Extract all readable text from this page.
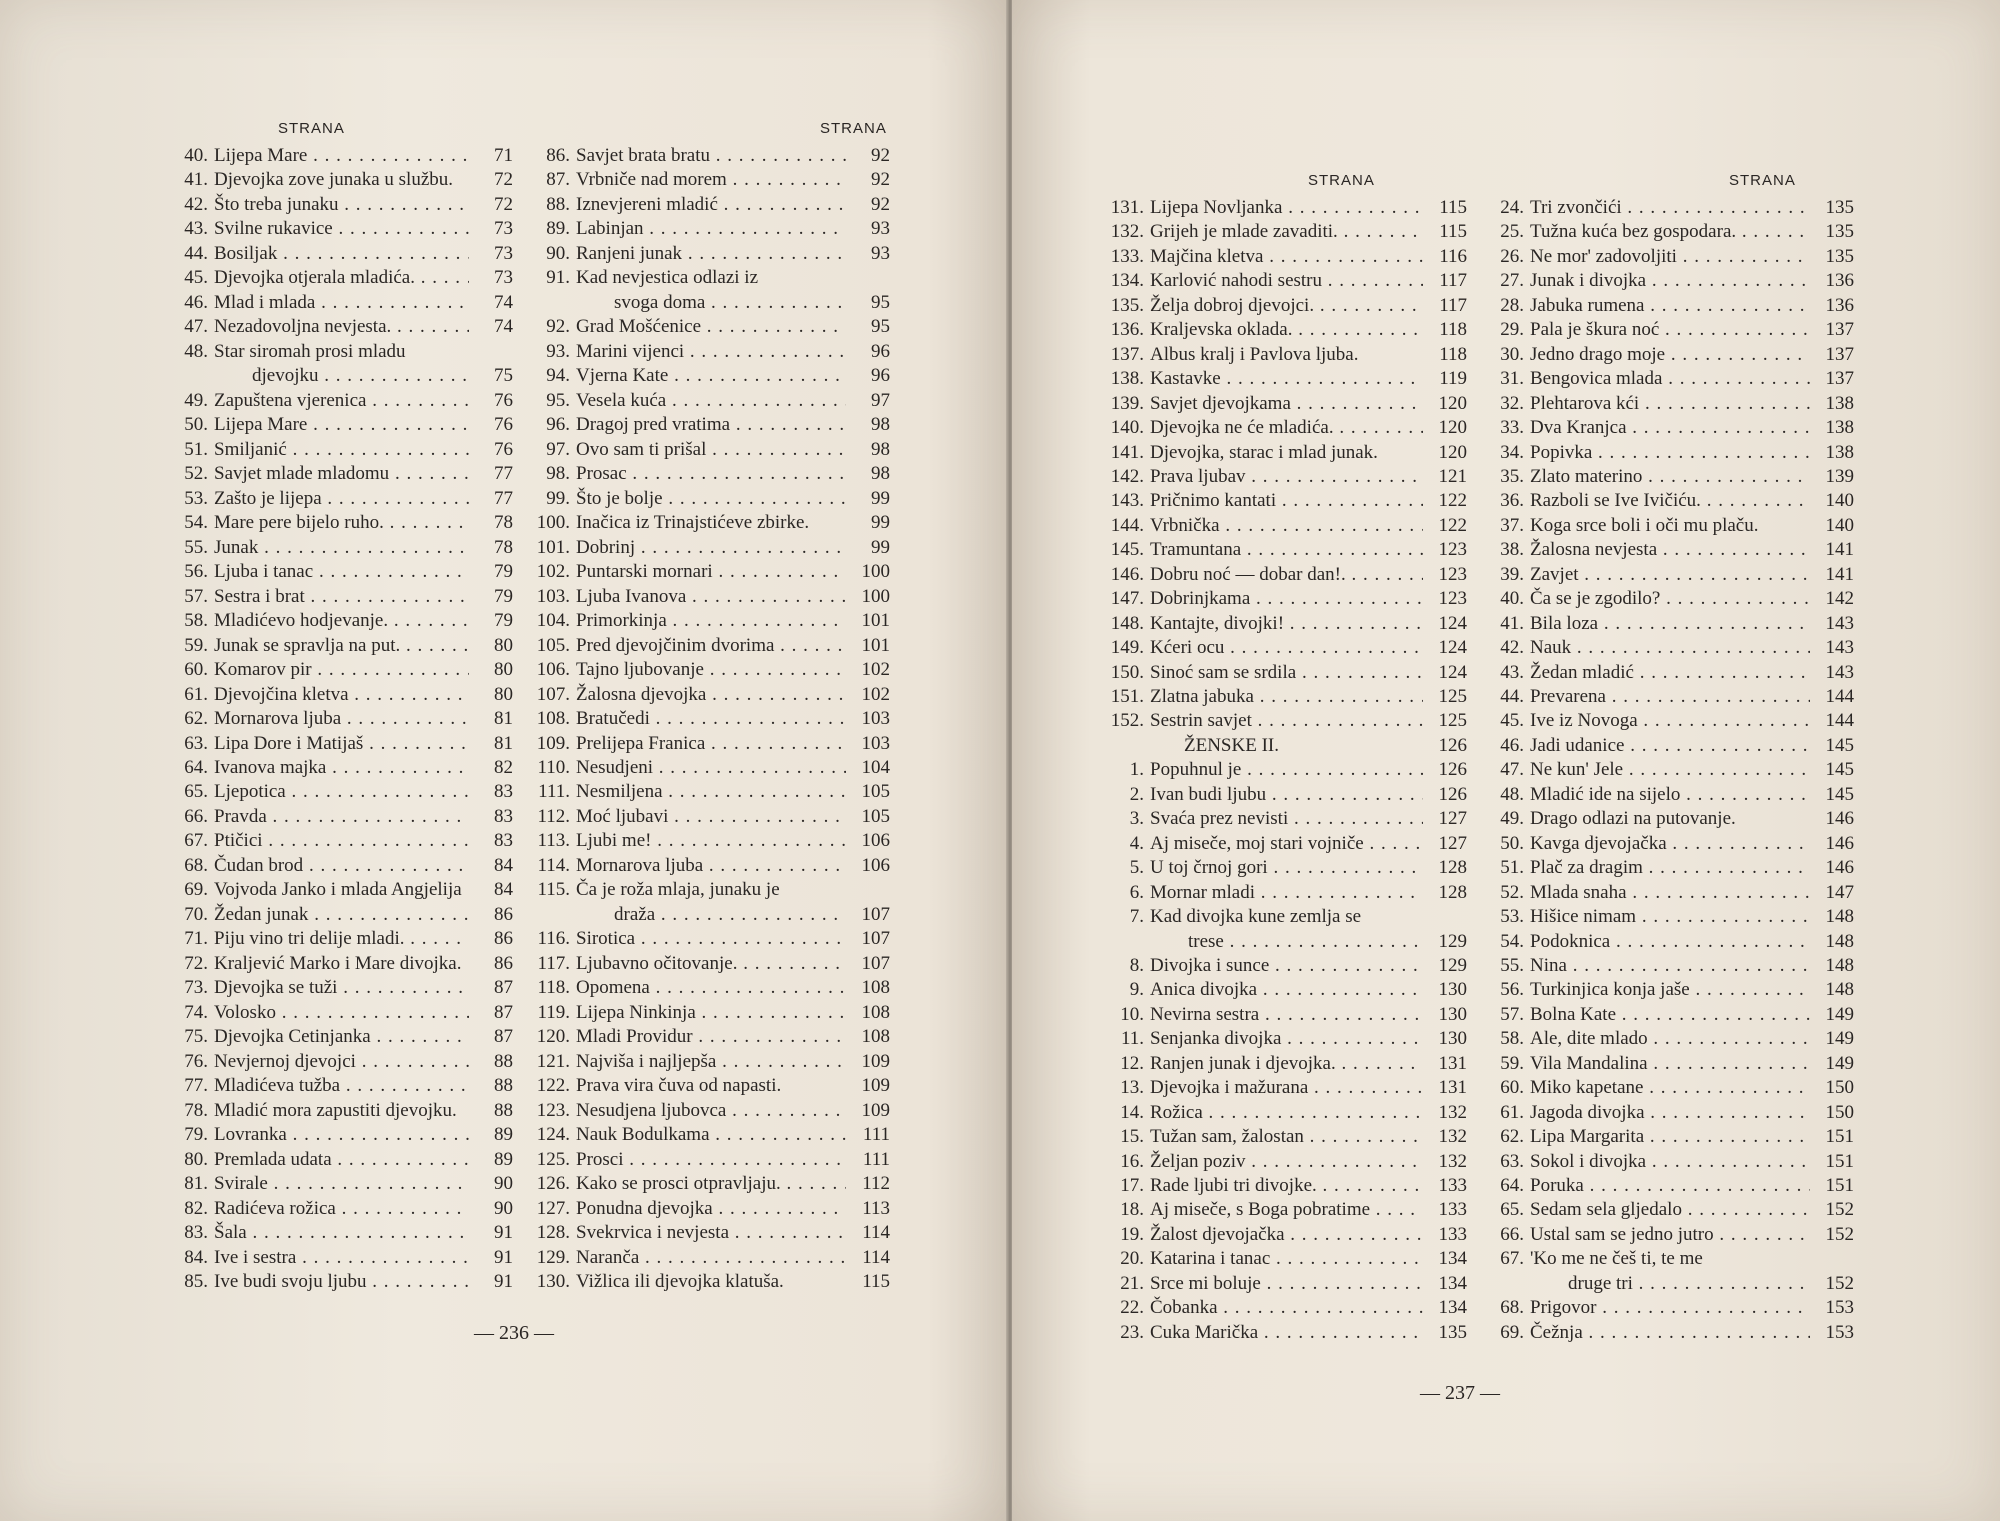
STRANA
40. Lijepa Mare . . .	71
41. Djevojka zove junaka u službu.	72
42. Što treba junaku . . .	72
43. Svilne rukavice . . .	73
44. Bosiljak . . .	73
45. Djevojka otjerala mladića. . . .	73
46. Mlad i mlada . . .	74
47. Nezadovoljna nevjesta. . . .	74
48. Star siromah prosi mladu
djevojku . . .	75
49. Zapuštena vjerenica . . .	76
50. Lijepa Mare . . .	76
51. Smiljanić . . .	76
52. Savjet mlade mladomu . . .	77
53. Zašto je lijepa . . .	77
54. Mare pere bijelo ruho. . . .	78
55. Junak . . .	78
56. Ljuba i tanac . . .	79
57. Sestra i brat . . .	79
58. Mladićevo hodjevanje. . . .	79
59. Junak se spravlja na put. . . .	80
60. Komarov pir . . .	80
61. Djevojčina kletva . . .	80
62. Mornarova ljuba . . .	81
63. Lipa Dore i Matijaš . . .	81
64. Ivanova majka . . .	82
65. Ljepotica . . .	83
66. Pravda . . .	83
67. Ptičici . . .	83
68. Čudan brod . . .	84
69. Vojvoda Janko i mlada Angjelija	84
70. Žedan junak . . .	86
71. Piju vino tri delije mladi. . . .	86
72. Kraljević Marko i Mare divojka.	86
73. Djevojka se tuži . . .	87
74. Volosko . . .	87
75. Djevojka Cetinjanka . . .	87
76. Nevjernoj djevojci . . .	88
77. Mladićeva tužba . . .	88
78. Mladić mora zapustiti djevojku.	88
79. Lovranka . . .	89
80. Premlada udata . . .	89
81. Svirale . . .	90
82. Radićeva rožica . . .	90
83. Šala . . .	91
84. Ive i sestra . . .	91
85. Ive budi svoju ljubu . . .	91
STRANA
86. Savjet brata bratu . . .	92
87. Vrbniče nad morem . . .	92
88. Iznevjereni mladić . . .	92
89. Labinjan . . .	93
90. Ranjeni junak . . .	93
91. Kad nevjestica odlazi iz
svoga doma . . .	95
92. Grad Mošćenice . . .	95
93. Marini vijenci . . .	96
94. Vjerna Kate . . .	96
95. Vesela kuća . . .	97
96. Dragoj pred vratima . . .	98
97. Ovo sam ti prišal . . .	98
98. Prosac . . .	98
99. Što je bolje . . .	99
100. Inačica iz Trinajstićeve zbirke.	99
101. Dobrinj . . .	99
102. Puntarski mornari . . .	100
103. Ljuba Ivanova . . .	100
104. Primorkinja . . .	101
105. Pred djevojčinim dvorima . . .	101
106. Tajno ljubovanje . . .	102
107. Žalosna djevojka . . .	102
108. Bratučedi . . .	103
109. Prelijepa Franica . . .	103
110. Nesudjeni . . .	104
111. Nesmiljena . . .	105
112. Moć ljubavi . . .	105
113. Ljubi me! . . .	106
114. Mornarova ljuba . . .	106
115. Ča je roža mlaja, junaku je
draža . . .	107
116. Sirotica . . .	107
117. Ljubavno očitovanje. . . .	107
118. Opomena . . .	108
119. Lijepa Ninkinja . . .	108
120. Mladi Providur . . .	108
121. Najviša i najljepša . . .	109
122. Prava vira čuva od napasti.	109
123. Nesudjena ljubovca . . .	109
124. Nauk Bodulkama . . .	111
125. Prosci . . .	111
126. Kako se prosci otpravljaju. . . .	112
127. Ponudna djevojka . . .	113
128. Svekrvica i nevjesta . . .	114
129. Naranča . . .	114
130. Vižlica ili djevojka klatuša.	115
— 236 —
STRANA
131. Lijepa Novljanka . . .	115
132. Grijeh je mlade zavaditi. . . .	115
133. Majčina kletva . . .	116
134. Karlović nahodi sestru . . .	117
135. Želja dobroj djevojci. . . .	117
136. Kraljevska oklada. . . .	118
137. Albus kralj i Pavlova ljuba.	118
138. Kastavke . . .	119
139. Savjet djevojkama . . .	120
140. Djevojka ne će mladića. . . .	120
141. Djevojka, starac i mlad junak.	120
142. Prava ljubav . . .	121
143. Pričnimo kantati . . .	122
144. Vrbnička . . .	122
145. Tramuntana . . .	123
146. Dobru noć — dobar dan!. . . .	123
147. Dobrinjkama . . .	123
148. Kantajte, divojki! . . .	124
149. Kćeri ocu . . .	124
150. Sinoć sam se srdila . . .	124
151. Zlatna jabuka . . .	125
152. Sestrin savjet . . .	125
ŽENSKE II.	126
1. Popuhnul je . . .	126
2. Ivan budi ljubu . . .	126
3. Svaća prez nevisti . . .	127
4. Aj miseče, moj stari vojniče . . .	127
5. U toj črnoj gori . . .	128
6. Mornar mladi . . .	128
7. Kad divojka kune zemlja se
trese . . .	129
8. Divojka i sunce . . .	129
9. Anica divojka . . .	130
10. Nevirna sestra . . .	130
11. Senjanka divojka . . .	130
12. Ranjen junak i djevojka. . . .	131
13. Djevojka i mažurana . . .	131
14. Rožica . . .	132
15. Tužan sam, žalostan . . .	132
16. Željan poziv . . .	132
17. Rade ljubi tri divojke. . . .	133
18. Aj miseče, s Boga pobratime . . .	133
19. Žalost djevojačka . . .	133
20. Katarina i tanac . . .	134
21. Srce mi boluje . . .	134
22. Čobanka . . .	134
23. Cuka Marička . . .	135
STRANA
24. Tri zvončići . . .	135
25. Tužna kuća bez gospodara. . . .	135
26. Ne mor' zadovoljiti . . .	135
27. Junak i divojka . . .	136
28. Jabuka rumena . . .	136
29. Pala je škura noć . . .	137
30. Jedno drago moje . . .	137
31. Bengovica mlada . . .	137
32. Plehtarova kći . . .	138
33. Dva Kranjca . . .	138
34. Popivka . . .	138
35. Zlato materino . . .	139
36. Razboli se Ive Ivičiću. . . .	140
37. Koga srce boli i oči mu plaču.	140
38. Žalosna nevjesta . . .	141
39. Zavjet . . .	141
40. Ča se je zgodilo? . . .	142
41. Bila loza . . .	143
42. Nauk . . .	143
43. Žedan mladić . . .	143
44. Prevarena . . .	144
45. Ive iz Novoga . . .	144
46. Jadi udanice . . .	145
47. Ne kun' Jele . . .	145
48. Mladić ide na sijelo . . .	145
49. Drago odlazi na putovanje.	146
50. Kavga djevojačka . . .	146
51. Plač za dragim . . .	146
52. Mlada snaha . . .	147
53. Hišice nimam . . .	148
54. Podoknica . . .	148
55. Nina . . .	148
56. Turkinjica konja jaše . . .	148
57. Bolna Kate . . .	149
58. Ale, dite mlado . . .	149
59. Vila Mandalina . . .	149
60. Miko kapetane . . .	150
61. Jagoda divojka . . .	150
62. Lipa Margarita . . .	151
63. Sokol i divojka . . .	151
64. Poruka . . .	151
65. Sedam sela gljedalo . . .	152
66. Ustal sam se jedno jutro . . .	152
67. 'Ko me ne češ ti, te me
druge tri . . .	152
68. Prigovor . . .	153
69. Čežnja . . .	153
— 237 —
